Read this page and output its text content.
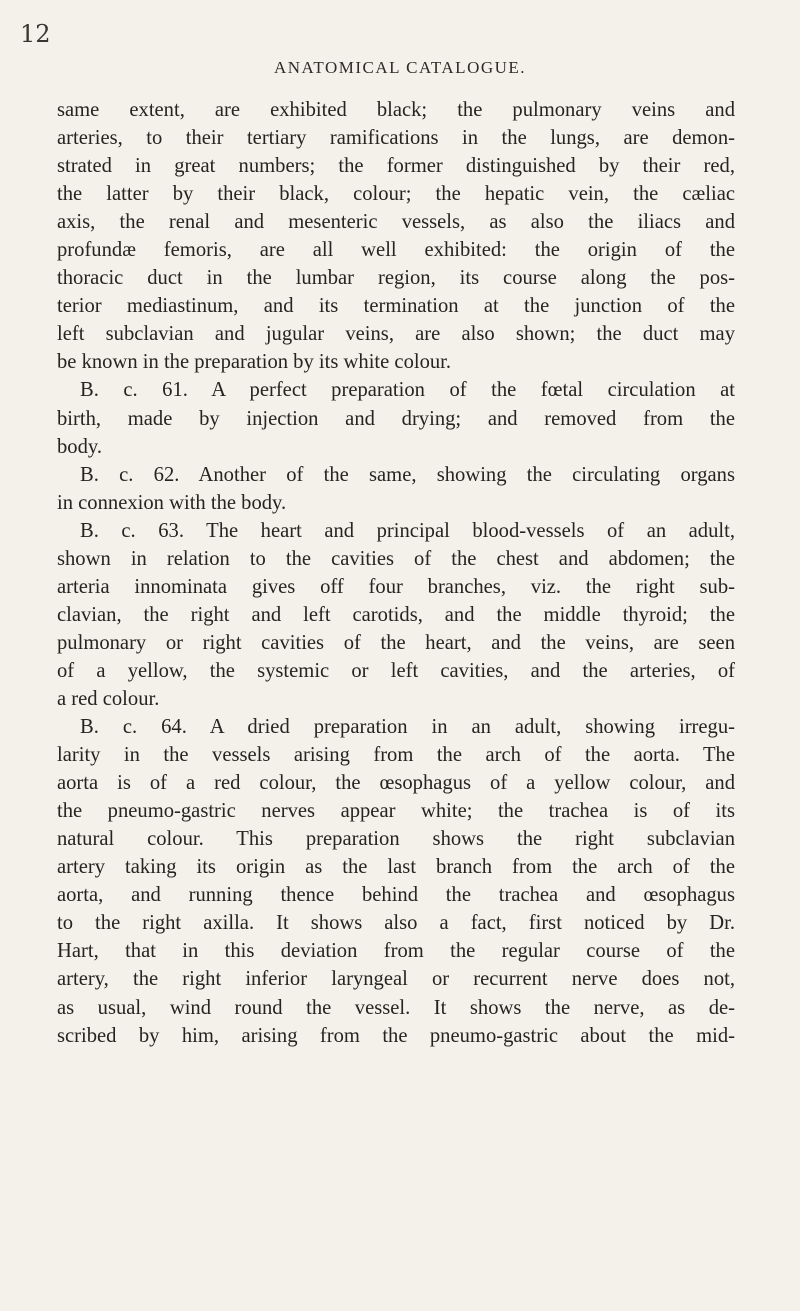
12
ANATOMICAL CATALOGUE.
same extent, are exhibited black; the pulmonary veins and
arteries, to their tertiary ramifications in the lungs, are demon-
strated in great numbers; the former distinguished by their red,
the latter by their black, colour; the hepatic vein, the cæliac
axis, the renal and mesenteric vessels, as also the iliacs and
profundæ femoris, are all well exhibited: the origin of the
thoracic duct in the lumbar region, its course along the pos-
terior mediastinum, and its termination at the junction of the
left subclavian and jugular veins, are also shown; the duct may
be known in the preparation by its white colour.
B. c. 61. A perfect preparation of the fœtal circulation at
birth, made by injection and drying; and removed from the
body.
B. c. 62. Another of the same, showing the circulating organs
in connexion with the body.
B. c. 63. The heart and principal blood-vessels of an adult,
shown in relation to the cavities of the chest and abdomen; the
arteria innominata gives off four branches, viz. the right sub-
clavian, the right and left carotids, and the middle thyroid; the
pulmonary or right cavities of the heart, and the veins, are seen
of a yellow, the systemic or left cavities, and the arteries, of
a red colour.
B. c. 64. A dried preparation in an adult, showing irregu-
larity in the vessels arising from the arch of the aorta. The
aorta is of a red colour, the œsophagus of a yellow colour, and
the pneumo-gastric nerves appear white; the trachea is of its
natural colour. This preparation shows the right subclavian
artery taking its origin as the last branch from the arch of the
aorta, and running thence behind the trachea and œsophagus
to the right axilla. It shows also a fact, first noticed by Dr.
Hart, that in this deviation from the regular course of the
artery, the right inferior laryngeal or recurrent nerve does not,
as usual, wind round the vessel. It shows the nerve, as de-
scribed by him, arising from the pneumo-gastric about the mid-
